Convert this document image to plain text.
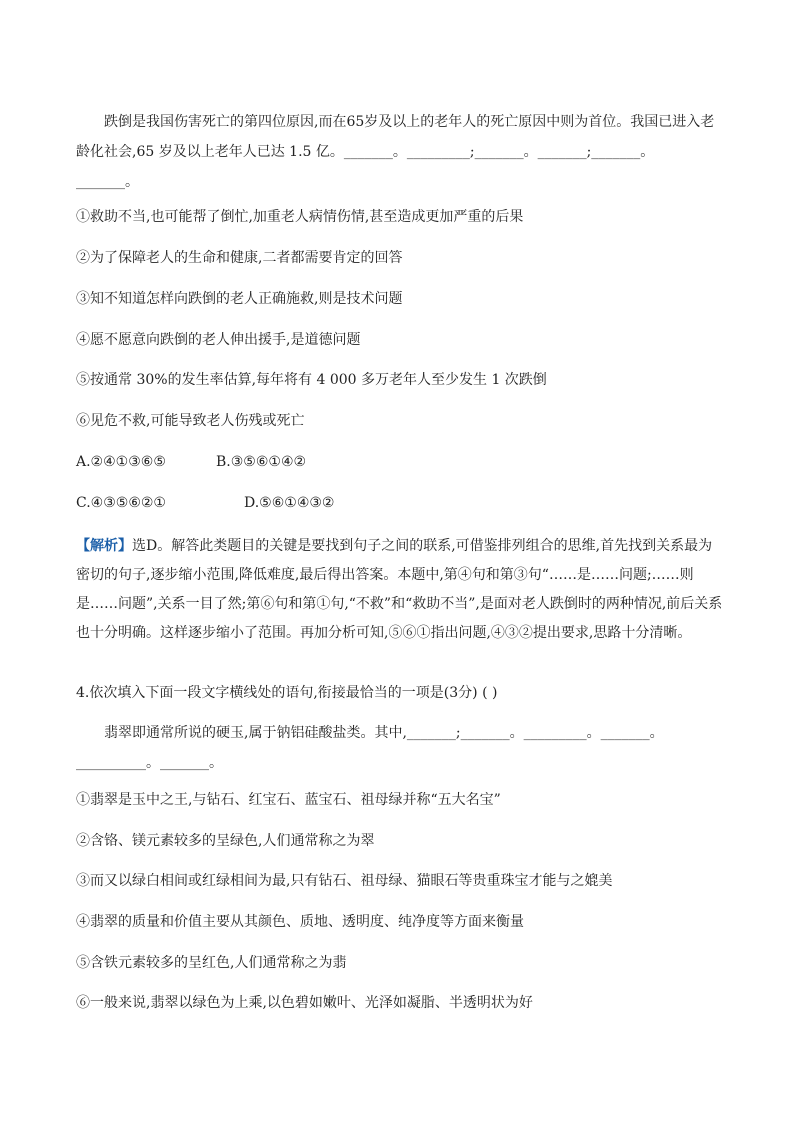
跌倒是我国伤害死亡的第四位原因,而在65岁及以上的老年人的死亡原因中则为首位。我国已进入老

龄化社会,65 岁及以上老年人已达 1.5 亿。_______。_________;_______。_______;_______。

_______。

①救助不当,也可能帮了倒忙,加重老人病情伤情,甚至造成更加严重的后果

②为了保障老人的生命和健康,二者都需要肯定的回答

③知不知道怎样向跌倒的老人正确施救,则是技术问题

④愿不愿意向跌倒的老人伸出援手,是道德问题

⑤按通常 30%的发生率估算,每年将有 4 000 多万老年人至少发生 1 次跌倒

⑥见危不救,可能导致老人伤残或死亡

A.②④①③⑥⑤	B.③⑤⑥①④②

C.④③⑤⑥②①	D.⑤⑥①④③②

【解析】选D。解答此类题目的关键是要找到句子之间的联系,可借鉴排列组合的思维,首先找到关系最为密切的句子,逐步缩小范围,降低难度,最后得出答案。本题中,第④句和第③句“……是……问题;……则是……问题”,关系一目了然;第⑥句和第①句,“不救”和“救助不当”,是面对老人跌倒时的两种情况,前后关系也十分明确。这样逐步缩小了范围。再加分析可知,⑤⑥①指出问题,④③②提出要求,思路十分清晰。

4.依次填入下面一段文字横线处的语句,衔接最恰当的一项是(3分) ( )

翡翠即通常所说的硬玉,属于钠铝硅酸盐类。其中,_______;_______。_________。_______。

__________。_______。

①翡翠是玉中之王,与钻石、红宝石、蓝宝石、祖母绿并称“五大名宝”

②含铬、镁元素较多的呈绿色,人们通常称之为翠

③而又以绿白相间或红绿相间为最,只有钻石、祖母绿、猫眼石等贵重珠宝才能与之媲美

④翡翠的质量和价值主要从其颜色、质地、透明度、纯净度等方面来衡量

⑤含铁元素较多的呈红色,人们通常称之为翡

⑥一般来说,翡翠以绿色为上乘,以色碧如嫩叶、光泽如凝脂、半透明状为好
